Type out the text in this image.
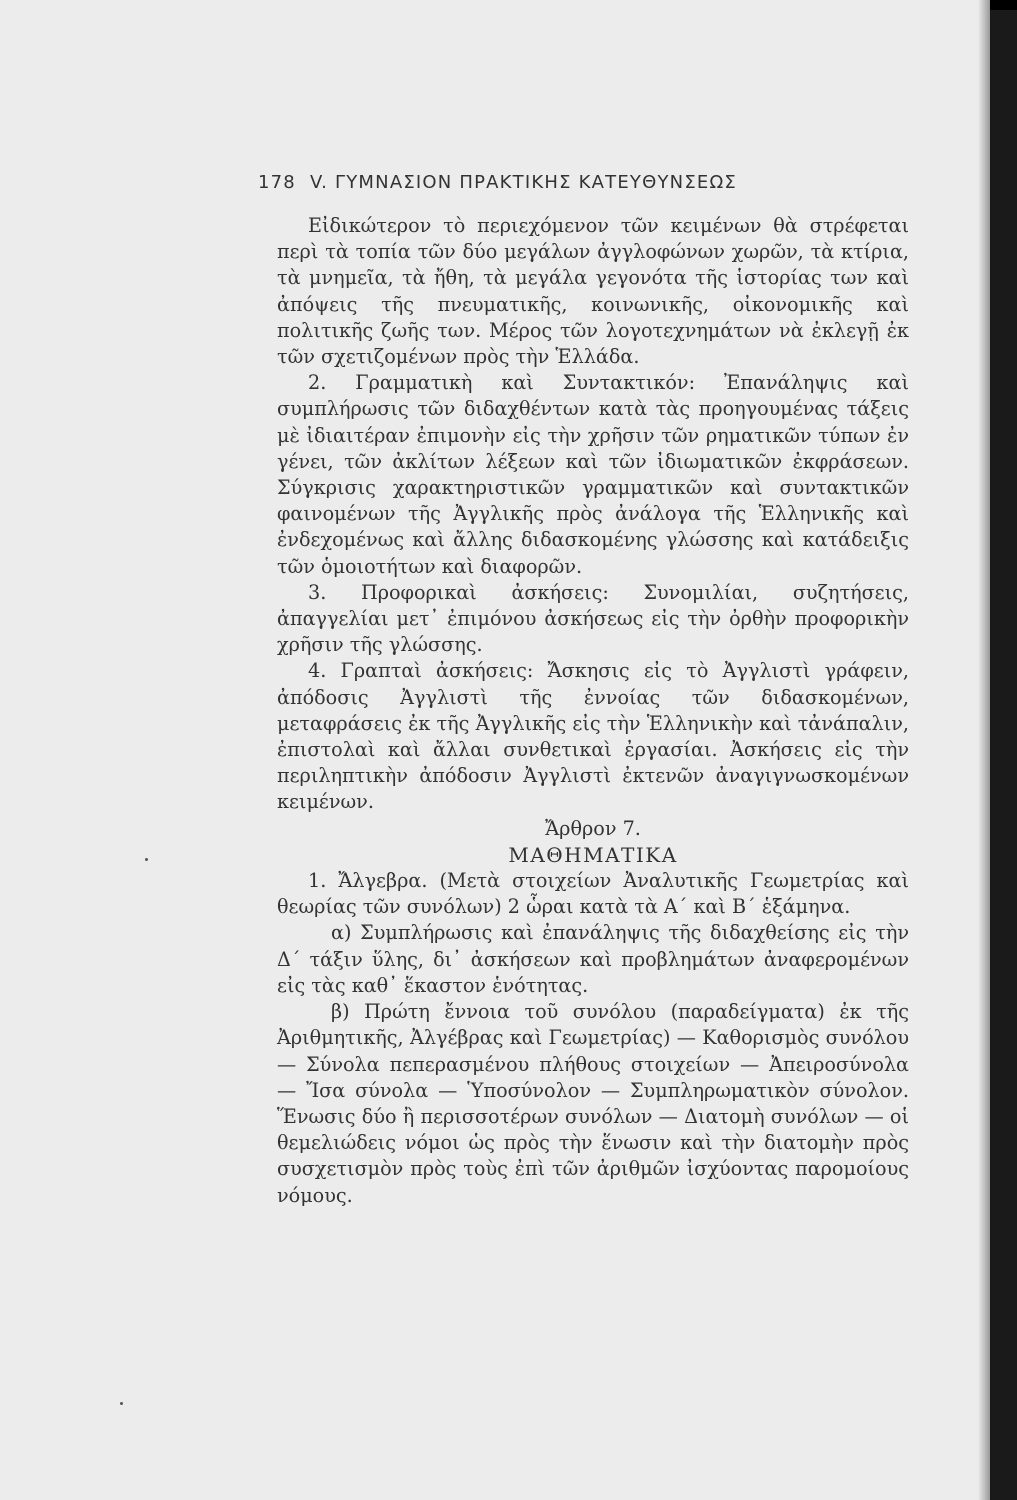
178 V. ΓΥΜΝΑΣΙΟΝ ΠΡΑΚΤΙΚΗΣ ΚΑΤΕΥΘΥΝΣΕΩΣ

Εἰδικώτερον τὸ περιεχόμενον τῶν κειμένων θὰ στρέφεται περὶ τὰ τοπία τῶν δύο μεγάλων ἀγγλοφώνων χωρῶν, τὰ κτίρια, τὰ μνημεῖα, τὰ ἤθη, τὰ μεγάλα γεγονότα τῆς ἱστορίας των καὶ ἀπόψεις τῆς πνευματικῆς, κοινωνικῆς, οἰκονομικῆς καὶ πολιτικῆς ζωῆς των. Μέρος τῶν λογοτεχνημάτων νὰ ἐκλεγῇ ἐκ τῶν σχετιζομένων πρὸς τὴν Ἑλλάδα.

2. Γραμματικὴ καὶ Συντακτικόν: Ἐπανάληψις καὶ συμπλήρωσις τῶν διδαχθέντων κατὰ τὰς προηγουμένας τάξεις μὲ ἰδιαιτέραν ἐπιμονὴν εἰς τὴν χρῆσιν τῶν ρηματικῶν τύπων ἐν γένει, τῶν ἀκλίτων λέξεων καὶ τῶν ἰδιωματικῶν ἐκφράσεων. Σύγκρισις χαρακτηριστικῶν γραμματικῶν καὶ συντακτικῶν φαινομένων τῆς Ἀγγλικῆς πρὸς ἀνάλογα τῆς Ἑλληνικῆς καὶ ἐνδεχομένως καὶ ἄλλης διδασκομένης γλώσσης καὶ κατάδειξις τῶν ὁμοιοτήτων καὶ διαφορῶν.

3. Προφορικαὶ ἀσκήσεις: Συνομιλίαι, συζητήσεις, ἀπαγγελίαι μετ᾿ ἐπιμόνου ἀσκήσεως εἰς τὴν ὀρθὴν προφορικὴν χρῆσιν τῆς γλώσσης.

4. Γραπταὶ ἀσκήσεις: Ἄσκησις εἰς τὸ Ἀγγλιστὶ γράφειν, ἀπόδοσις Ἀγγλιστὶ τῆς ἐννοίας τῶν διδασκομένων, μεταφράσεις ἐκ τῆς Ἀγγλικῆς εἰς τὴν Ἑλληνικὴν καὶ τἀνάπαλιν, ἐπιστολαὶ καὶ ἄλλαι συνθετικαὶ ἐργασίαι. Ἀσκήσεις εἰς τὴν περιληπτικὴν ἀπόδοσιν Ἀγγλιστὶ ἐκτενῶν ἀναγιγνωσκομένων κειμένων.

Ἄρθρον 7.

ΜΑΘΗΜΑΤΙΚΑ

1. Ἄλγεβρα. (Μετὰ στοιχείων Ἀναλυτικῆς Γεωμετρίας καὶ θεωρίας τῶν συνόλων) 2 ὧραι κατὰ τὰ Α´ καὶ Β´ ἑξάμηνα.

α) Συμπλήρωσις καὶ ἐπανάληψις τῆς διδαχθείσης εἰς τὴν Δ´ τάξιν ὕλης, δι᾿ ἀσκήσεων καὶ προβλημάτων ἀναφερομένων εἰς τὰς καθ᾿ ἕκαστον ἑνότητας.

β) Πρώτη ἔννοια τοῦ συνόλου (παραδείγματα) ἐκ τῆς Ἀριθμητικῆς, Ἀλγέβρας καὶ Γεωμετρίας) — Καθορισμὸς συνόλου — Σύνολα πεπερασμένου πλήθους στοιχείων — Ἀπειροσύνολα — Ἴσα σύνολα — Ὑποσύνολον — Συμπληρωματικὸν σύνολον. Ἕνωσις δύο ἢ περισσοτέρων συνόλων — Διατομὴ συνόλων — οἱ θεμελιώδεις νόμοι ὡς πρὸς τὴν ἕνωσιν καὶ τὴν διατομὴν πρὸς συσχετισμὸν πρὸς τοὺς ἐπὶ τῶν ἀριθμῶν ἰσχύοντας παρομοίους νόμους.
